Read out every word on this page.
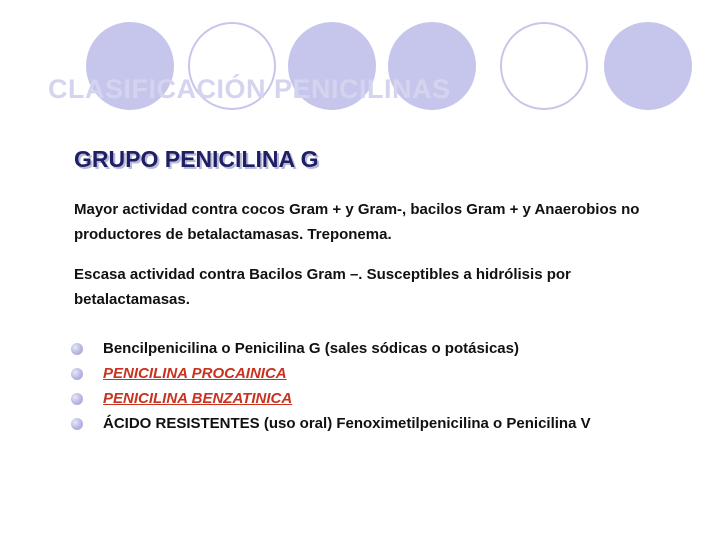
CLASIFICACIÓN PENICILINAS
GRUPO PENICILINA G

Mayor actividad contra cocos Gram + y Gram-, bacilos Gram + y Anaerobios no productores de betalactamasas. Treponema.

Escasa actividad contra Bacilos Gram –. Susceptibles a hidrólisis por betalactamasas.

Bencilpenicilina o Penicilina G (sales sódicas o potásicas)
PENICILINA PROCAINICA
PENICILINA BENZATINICA
ÁCIDO RESISTENTES (uso oral) Fenoximetilpenicilina o Penicilina V
